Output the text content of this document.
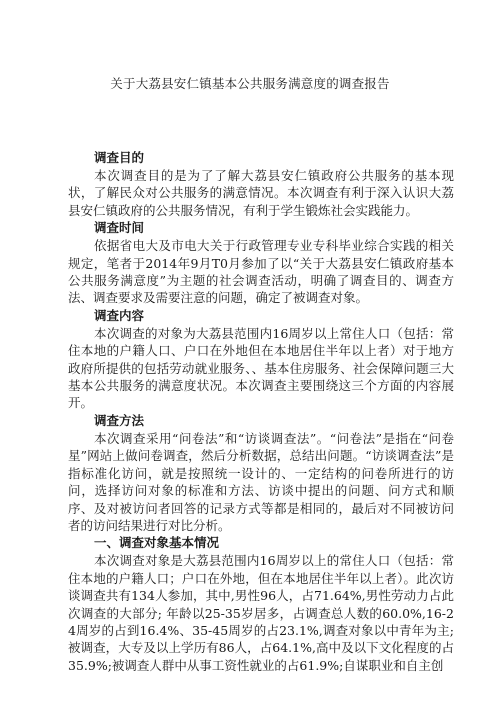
关于大荔县安仁镇基本公共服务满意度的调查报告

调查目的

本次调查目的是为了了解大荔县安仁镇政府公共服务的基本现状，了解民众对公共服务的满意情况。本次调查有利于深入认识大荔县安仁镇政府的公共服务情况，有利于学生锻炼社会实践能力。

调查时间

依据省电大及市电大关于行政管理专业专科毕业综合实践的相关规定，笔者于2014年9月T0月参加了以“关于大荔县安仁镇政府基本公共服务满意度”为主题的社会调查活动，明确了调查目的、调查方法、调查要求及需要注意的问题，确定了被调查对象。

调查内容

本次调查的对象为大荔县范围内16周岁以上常住人口（包括：常住本地的户籍人口、户口在外地但在本地居住半年以上者）对于地方政府所提供的包括劳动就业服务、、基本住房服务、社会保障问题三大基本公共服务的满意度状况。本次调查主要围绕这三个方面的内容展开。

调查方法

本次调查采用“问卷法”和“访谈调查法”。“问卷法”是指在“问卷星”网站上做问卷调查，然后分析数据，总结出问题。“访谈调查法”是指标准化访问，就是按照统一设计的、一定结构的问卷所进行的访问，选择访问对象的标准和方法、访谈中提出的问题、问方式和顺序、及对被访问者回答的记录方式等都是相同的，最后对不同被访问者的访问结果进行对比分析。

一、调查对象基本情况

本次调查对象是大荔县范围内16周岁以上的常住人口（包括：常住本地的户籍人口；户口在外地，但在本地居住半年以上者）。此次访谈调查共有134人参加，其中,男性96人，占71.64%,男性劳动力占此次调查的大部分; 年龄以25-35岁居多，占调查总人数的60.0%,16-24周岁的占到16.4%、35-45周岁的占23.1%,调查对象以中青年为主;被调查，大专及以上学历有86人，占64.1%,高中及以下文化程度的占35.9%;被调查人群中从事工资性就业的占61.9%;自谋职业和自主创
